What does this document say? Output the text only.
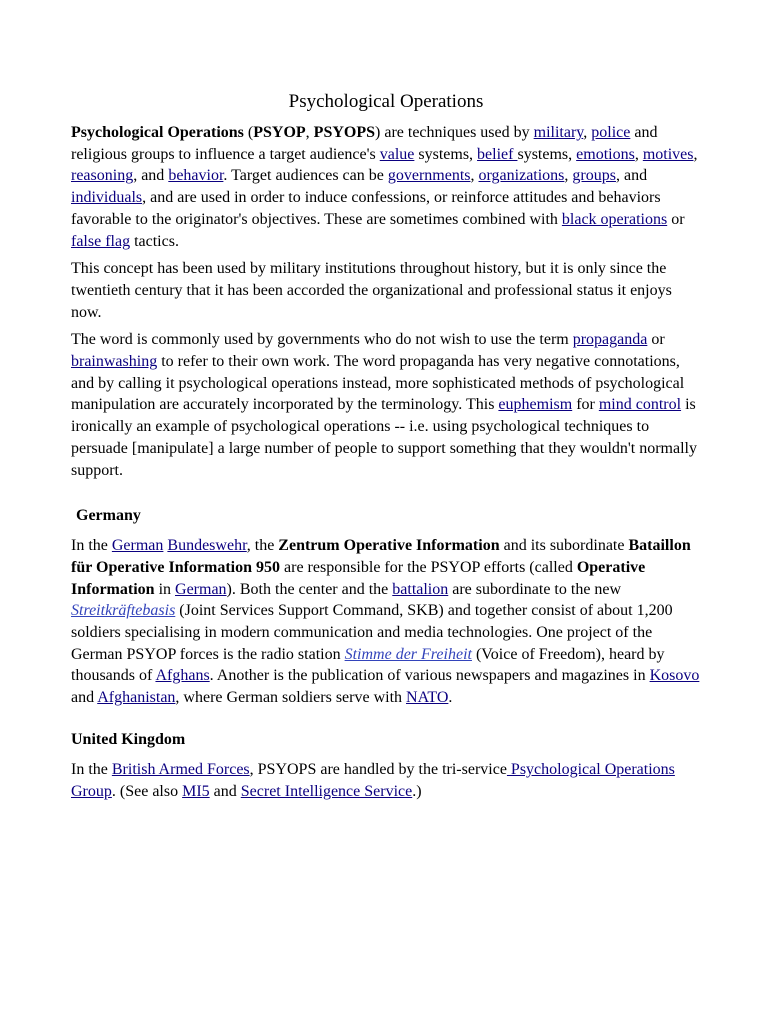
Psychological Operations

Psychological Operations (PSYOP, PSYOPS) are techniques used by military, police and religious groups to influence a target audience's value systems, belief systems, emotions, motives, reasoning, and behavior. Target audiences can be governments, organizations, groups, and individuals, and are used in order to induce confessions, or reinforce attitudes and behaviors favorable to the originator's objectives. These are sometimes combined with black operations or false flag tactics.

This concept has been used by military institutions throughout history, but it is only since the twentieth century that it has been accorded the organizational and professional status it enjoys now.

The word is commonly used by governments who do not wish to use the term propaganda or brainwashing to refer to their own work. The word propaganda has very negative connotations, and by calling it psychological operations instead, more sophisticated methods of psychological manipulation are accurately incorporated by the terminology. This euphemism for mind control is ironically an example of psychological operations -- i.e. using psychological techniques to persuade [manipulate] a large number of people to support something that they wouldn't normally support.

Germany

In the German Bundeswehr, the Zentrum Operative Information and its subordinate Bataillon für Operative Information 950 are responsible for the PSYOP efforts (called Operative Information in German). Both the center and the battalion are subordinate to the new Streitkräftebasis (Joint Services Support Command, SKB) and together consist of about 1,200 soldiers specialising in modern communication and media technologies. One project of the German PSYOP forces is the radio station Stimme der Freiheit (Voice of Freedom), heard by thousands of Afghans. Another is the publication of various newspapers and magazines in Kosovo and Afghanistan, where German soldiers serve with NATO.

United Kingdom

In the British Armed Forces, PSYOPS are handled by the tri-service Psychological Operations Group. (See also MI5 and Secret Intelligence Service.)
